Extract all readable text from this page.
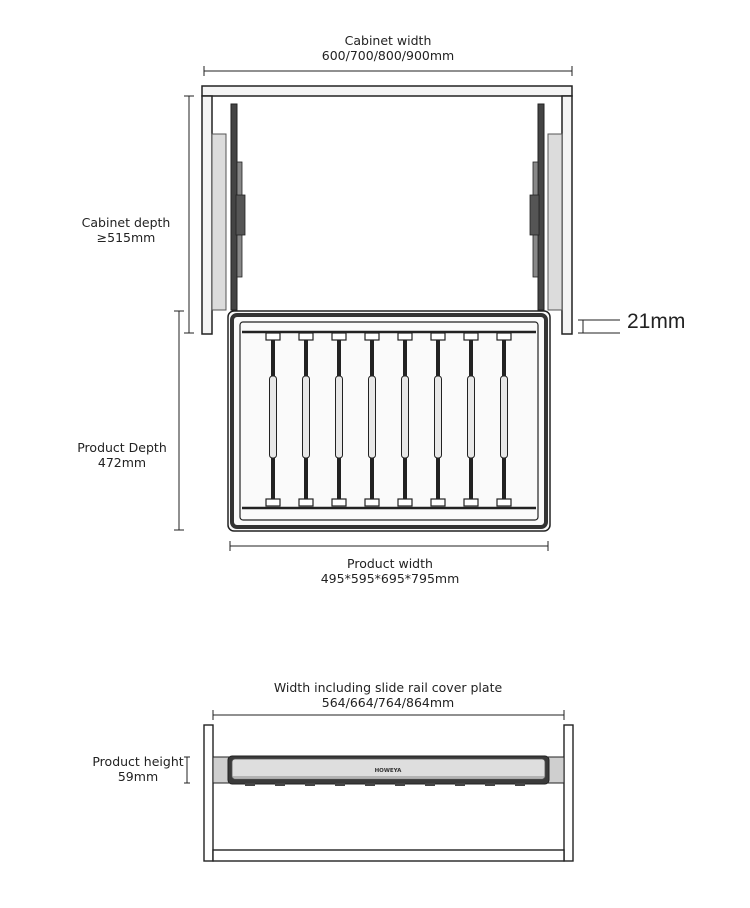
HOWEYA
Cabinet width
600/700/800/900mm
Cabinet depth
≥515mm
21mm
Product Depth
472mm
Product width
495*595*695*795mm
Width including slide rail cover plate
564/664/764/864mm
Product height
59mm
